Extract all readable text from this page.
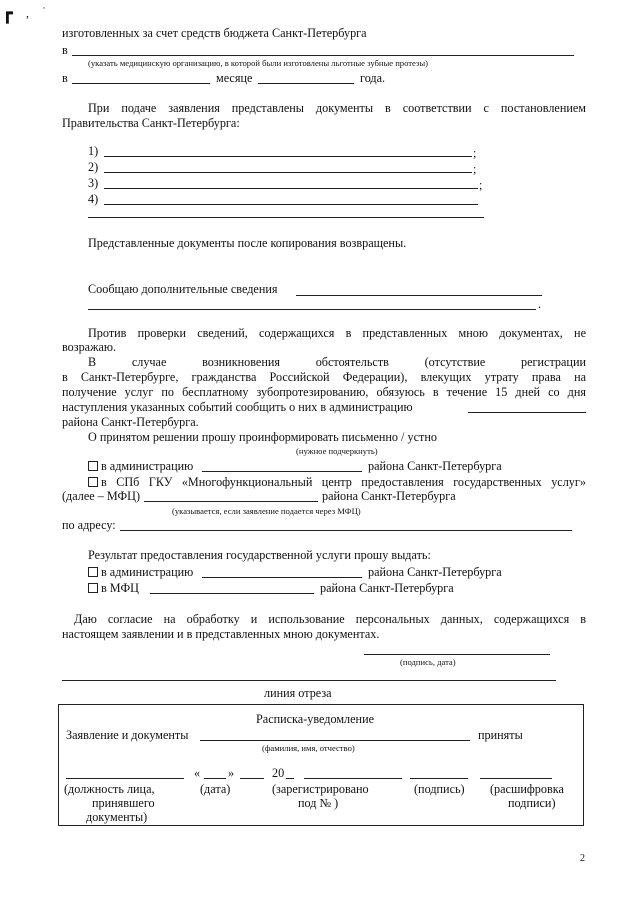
┏ , ˙
изготовленных за счет средств бюджета Санкт-Петербурга
в
(указать медицинскую организацию, в которой были изготовлены льготные зубные протезы)
в	месяце	года.
При подаче заявления представлены документы в соответствии с постановлением
Правительства Санкт-Петербурга:
1)	;
2)	;
3)	;
4)
Представленные документы после копирования возвращены.
Сообщаю дополнительные сведения
.
Против проверки сведений, содержащихся в представленных мною документах, не
возражаю.
В случае возникновения обстоятельств (отсутствие регистрации
в Санкт-Петербурге, гражданства Российской Федерации), влекущих утрату права на
получение услуг по бесплатному зубопротезированию, обязуюсь в течение 15 дней со дня
наступления указанных событий сообщить о них в администрацию
района Санкт-Петербурга.
О принятом решении прошу проинформировать письменно / устно
(нужное подчеркнуть)
в администрацию	района Санкт-Петербурга
в СПб ГКУ «Многофункциональный центр предоставления государственных услуг»
(далее – МФЦ)	района Санкт-Петербурга
(указывается, если заявление подается через МФЦ)
по адресу:
Результат предоставления государственной услуги прошу выдать:
в администрацию	района Санкт-Петербурга
в МФЦ	района Санкт-Петербурга
Даю согласие на обработку и использование персональных данных, содержащихся в
настоящем заявлении и в представленных мною документах.
(подпись, дата)
линия отреза
Расписка-уведомление
Заявление и документы	приняты
(фамилия, имя, отчество)
« »	20
(должность лица,
принявшего
документы)
(дата)	(зарегистрировано
под № )
(подпись) (расшифровка
подписи)
2
